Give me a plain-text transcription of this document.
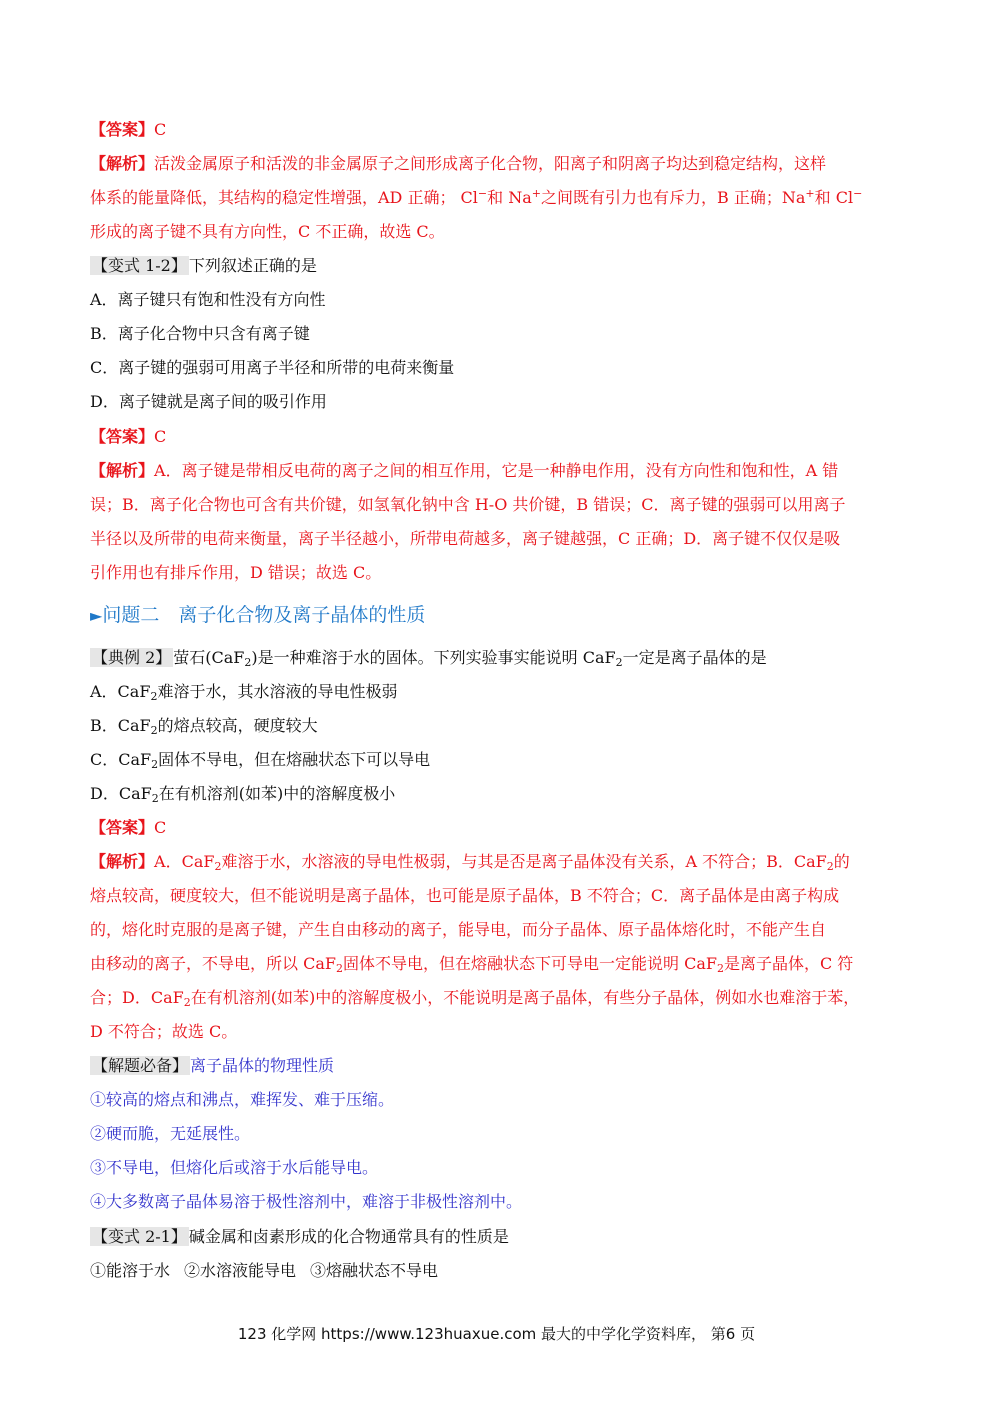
【答案】C
【解析】活泼金属原子和活泼的非金属原子之间形成离子化合物，阳离子和阴离子均达到稳定结构，这样
体系的能量降低，其结构的稳定性增强，AD 正确； Cl−和 Na+之间既有引力也有斥力，B 正确；Na+和 Cl−
形成的离子键不具有方向性，C 不正确，故选 C。
【变式 1-2】 下列叙述正确的是
A．离子键只有饱和性没有方向性
B．离子化合物中只含有离子键
C．离子键的强弱可用离子半径和所带的电荷来衡量
D．离子键就是离子间的吸引作用
【答案】C
【解析】A．离子键是带相反电荷的离子之间的相互作用，它是一种静电作用，没有方向性和饱和性，A 错
误；B．离子化合物也可含有共价键，如氢氧化钠中含 H-O 共价键，B 错误；C．离子键的强弱可以用离子
半径以及所带的电荷来衡量，离子半径越小，所带电荷越多，离子键越强，C 正确；D．离子键不仅仅是吸
引作用也有排斥作用，D 错误；故选 C。
►问题二　离子化合物及离子晶体的性质
【典例 2】 萤石(CaF$_2$)是一种难溶于水的固体。下列实验事实能说明 CaF$_2$一定是离子晶体的是
A．CaF$_2$难溶于水，其水溶液的导电性极弱
B．CaF$_2$的熔点较高，硬度较大
C．CaF$_2$固体不导电，但在熔融状态下可以导电
D．CaF$_2$在有机溶剂(如苯)中的溶解度极小
【答案】C
【解析】A．CaF$_2$难溶于水，水溶液的导电性极弱，与其是否是离子晶体没有关系，A 不符合；B．CaF$_2$的
熔点较高，硬度较大，但不能说明是离子晶体，也可能是原子晶体，B 不符合；C．离子晶体是由离子构成
的，熔化时克服的是离子键，产生自由移动的离子，能导电，而分子晶体、原子晶体熔化时，不能产生自
由移动的离子，不导电，所以 CaF$_2$固体不导电，但在熔融状态下可导电一定能说明 CaF$_2$是离子晶体，C 符
合；D．CaF$_2$在有机溶剂(如苯)中的溶解度极小，不能说明是离子晶体，有些分子晶体，例如水也难溶于苯，
D 不符合；故选 C。
【解题必备】 离子晶体的物理性质
①较高的熔点和沸点，难挥发、难于压缩。
②硬而脆，无延展性。
③不导电，但熔化后或溶于水后能导电。
④大多数离子晶体易溶于极性溶剂中，难溶于非极性溶剂中。
【变式 2-1】 碱金属和卤素形成的化合物通常具有的性质是
①能溶于水 ②水溶液能导电 ③熔融状态不导电
123 化学网 https://www.123huaxue.com 最大的中学化学资料库， 第6 页
